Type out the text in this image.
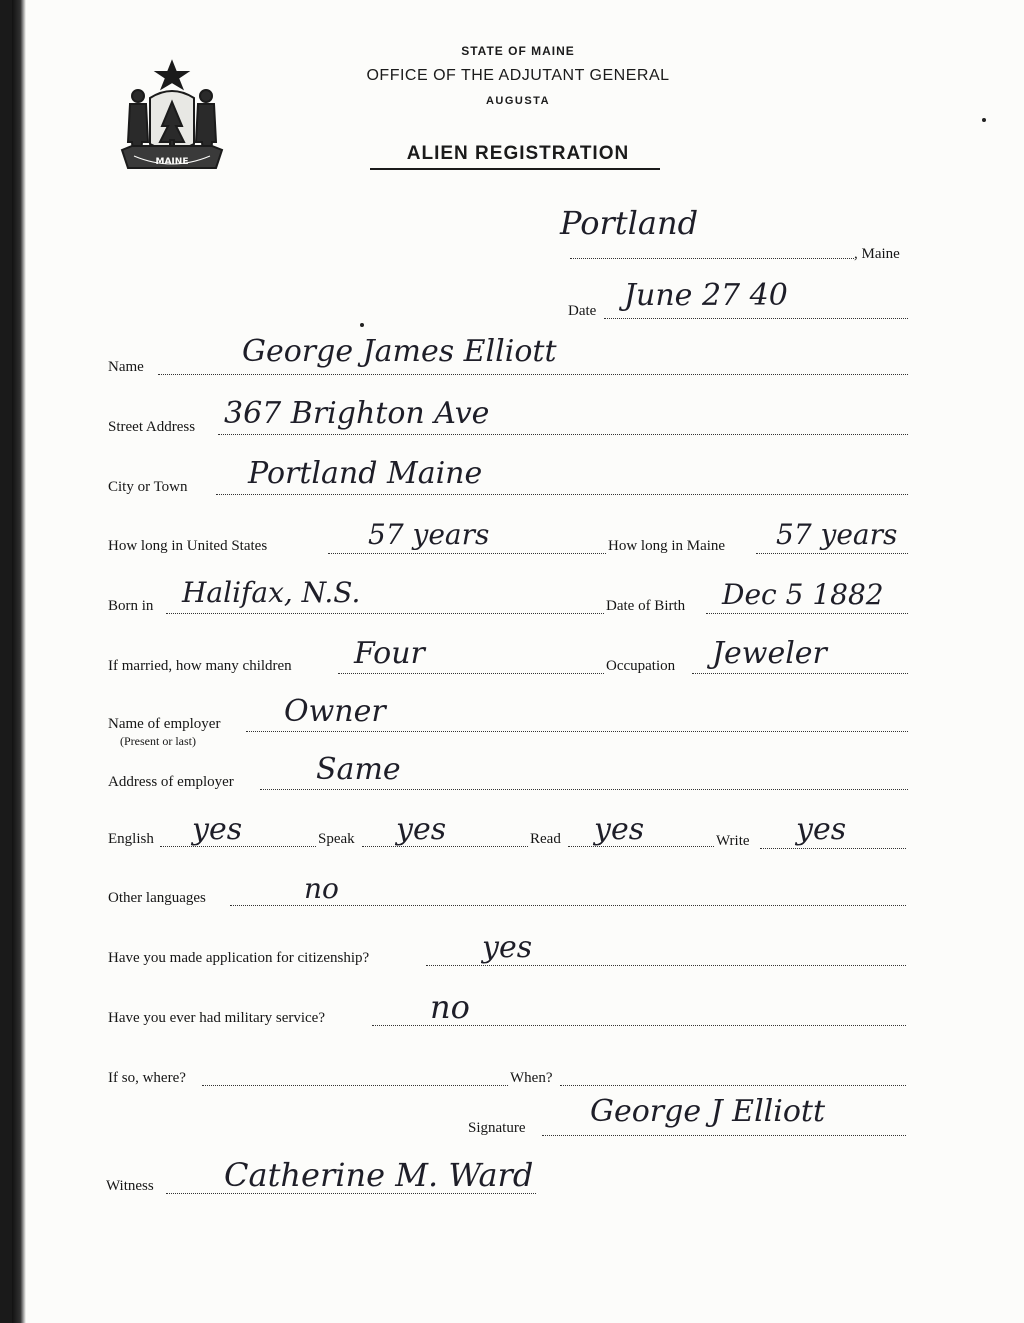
MAINE
STATE OF MAINE
OFFICE OF THE ADJUTANT GENERAL
AUGUSTA
ALIEN REGISTRATION
Portland
, Maine
Date June 27 40
Name	George James Elliott
Street Address 367 Brighton Ave
City or Town Portland Maine
How long in United States	57 years	How long in Maine 57 years
Born in Halifax, N.S.	Date of Birth Dec 5 1882
If married, how many children Four	Occupation Jeweler
Name of employer
(Present or last)
Owner
Address of employer	Same
English yes	Speak yes	Read yes	Write yes
Other languages	no
Have you made application for citizenship?	yes
Have you ever had military service?	no
If so, where?	When?
Signature George J Elliott
Witness Catherine M. Ward
